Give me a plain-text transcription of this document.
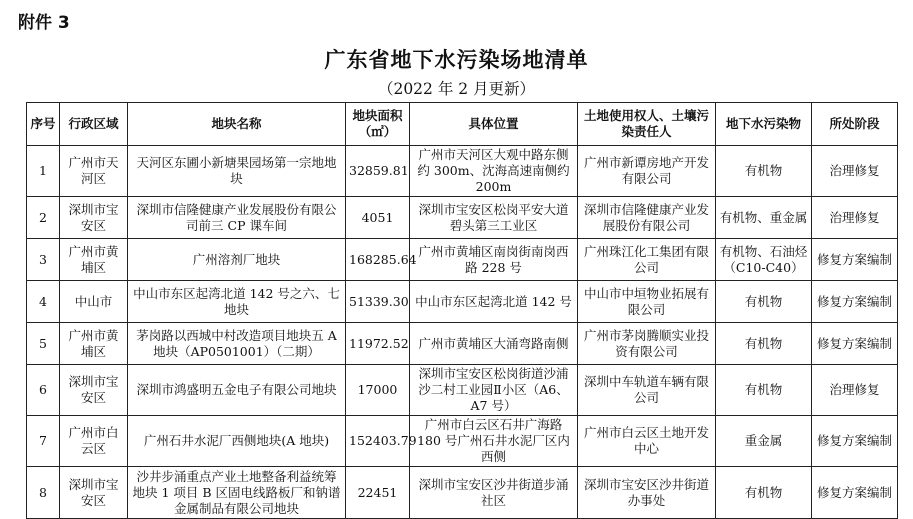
附件 3
广东省地下水污染场地清单
（2022 年 2 月更新）
序号	行政区域	地块名称	地块面积（㎡）	具体位置	土地使用权人、土壤污染责任人	地下水污染物	所处阶段
1	广州市天河区	天河区东圃小新塘果园场第一宗地地块	32859.81	广州市天河区大观中路东侧约 300m、沈海高速南侧约 200m	广州市新谭房地产开发有限公司	有机物	治理修复
2	深圳市宝安区	深圳市信隆健康产业发展股份有限公司前三 CP 课车间	4051	深圳市宝安区松岗平安大道碧头第三工业区	深圳市信隆健康产业发展股份有限公司	有机物、重金属	治理修复
3	广州市黄埔区	广州溶剂厂地块	168285.64	广州市黄埔区南岗街南岗西路 228 号	广州珠江化工集团有限公司	有机物、石油烃（C10-C40）	修复方案编制
4	中山市	中山市东区起湾北道 142 号之六、七地块	51339.30	中山市东区起湾北道 142 号	中山市中垣物业拓展有限公司	有机物	修复方案编制
5	广州市黄埔区	茅岗路以西城中村改造项目地块五 A 地块（AP0501001）（二期）	11972.52	广州市黄埔区大涌弯路南侧	广州市茅岗腾顺实业投资有限公司	有机物	修复方案编制
6	深圳市宝安区	深圳市鸿盛明五金电子有限公司地块	17000	深圳市宝安区松岗街道沙浦沙二村工业园Ⅱ小区（A6、A7 号）	深圳中车轨道车辆有限公司	有机物	治理修复
7	广州市白云区	广州石井水泥厂西侧地块(A 地块)	152403.79	广州市白云区石井广海路 180 号广州石井水泥厂区内西侧	广州市白云区土地开发中心	重金属	修复方案编制
8	深圳市宝安区	沙井步涌重点产业土地整备利益统筹地块 1 项目 B 区固电线路板厂和钠谱金属制品有限公司地块	22451	深圳市宝安区沙井街道步涌社区	深圳市宝安区沙井街道办事处	有机物	修复方案编制
